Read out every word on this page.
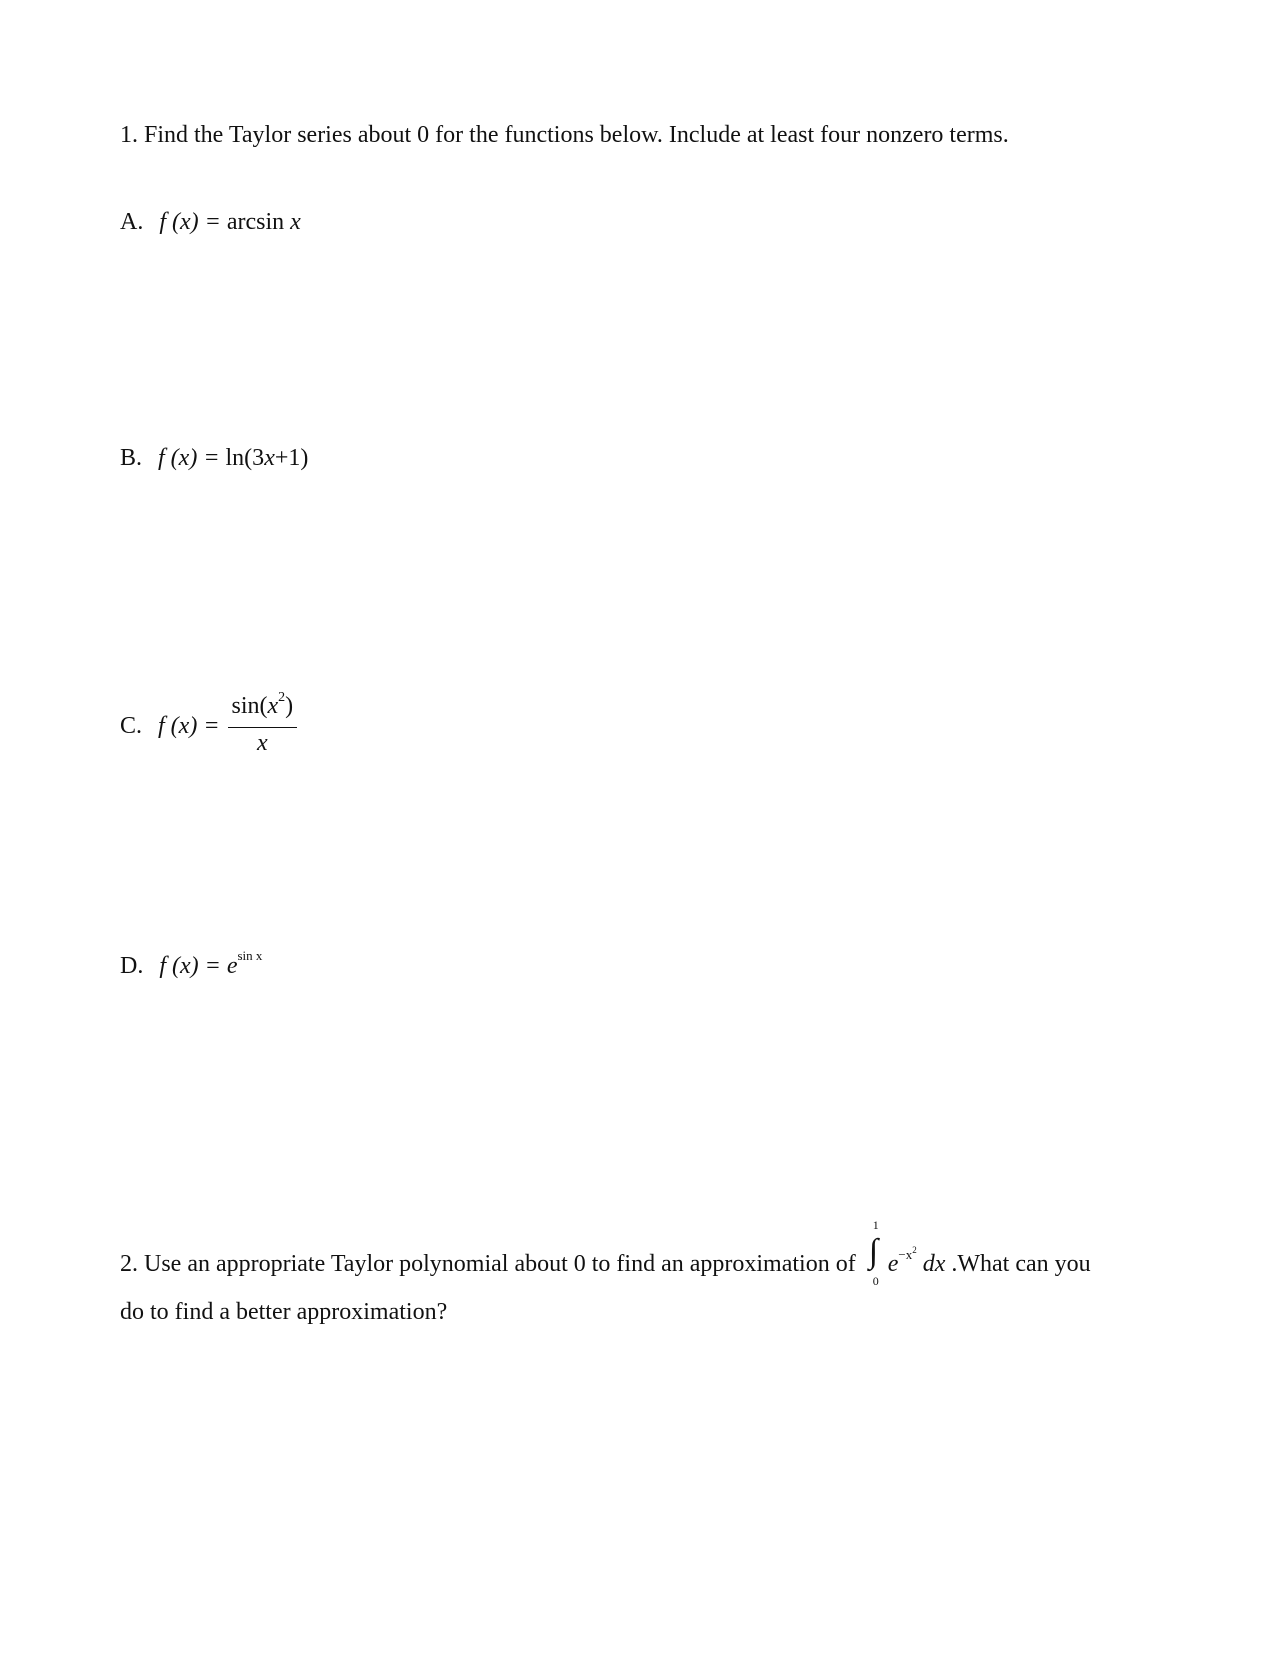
1. Find the Taylor series about 0 for the functions below. Include at least four nonzero terms.
A. f (x) = arcsin x
B. f (x) = ln(3x+1)
C. f $(x) = \frac{\sin(x^2)}{x}$
D. f $(x) = e^{sin x}$
2. Use an appropriate Taylor polynomial about 0 to find an approximation of ∫
1
0
$e^{-x^2}$ dx .What can you
do to find a better approximation?
